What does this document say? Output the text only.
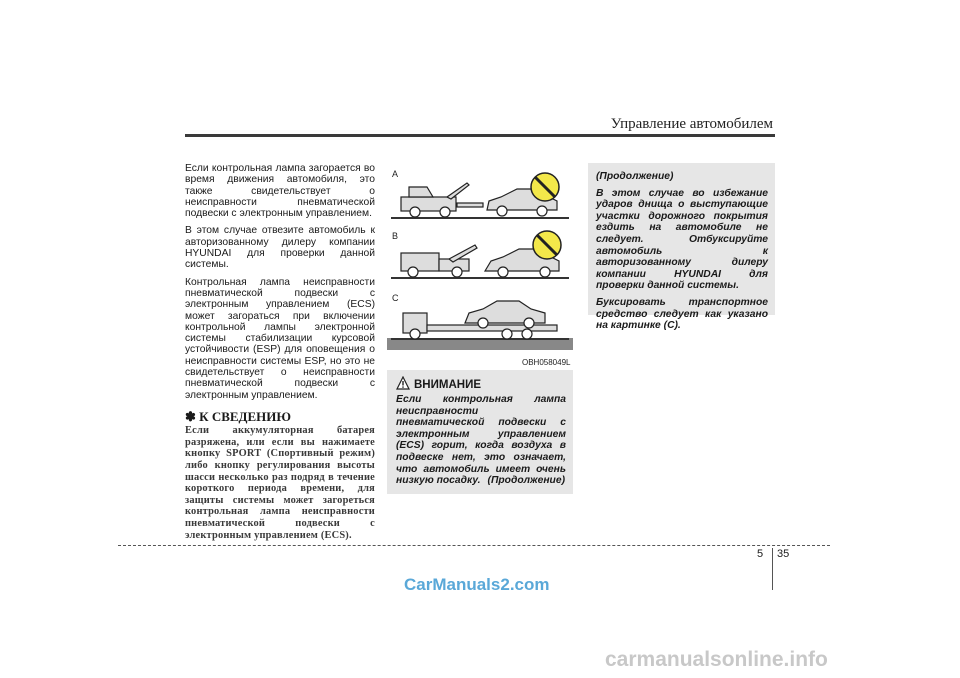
Управление автомобилем

Если контрольная лампа загорается во время движения автомобиля, это также свидетельствует о неисправности пневматической подвески с электронным управлением.

В этом случае отвезите автомобиль к авторизованному дилеру компании HYUNDAI для проверки данной системы.

Контрольная лампа неисправности пневматической подвески с электронным управлением (ECS) может загораться при включении контрольной лампы электронной системы стабилизации курсовой устойчивости (ESP) для оповещения о неисправности системы ESP, но это не свидетельствует о неисправности пневматической подвески с электронным управлением.

✽ К СВЕДЕНИЮ

Если аккумуляторная батарея разряжена, или если вы нажимаете кнопку SPORT (Спортивный режим) либо кнопку регулирования высоты шасси несколько раз подряд в течение короткого периода времени, для защиты системы может загореться контрольная лампа неисправности пневматической подвески с электронным управлением (ECS).

A
B
C
OBH058049L
ВНИМАНИЕ
Если контрольная лампа неисправности пневматической подвески с электронным управлением (ECS) горит, когда воздуха в подвеске нет, это означает, что автомобиль имеет очень низкую посадку. (Продолжение)

(Продолжение)

В этом случае во избежание ударов днища о выступающие участки дорожного покрытия ездить на автомобиле не следует. Отбуксируйте автомобиль к авторизованному дилеру компании HYUNDAI для проверки данной системы.

Буксировать транспортное средство следует как указано на картинке (C).

5 35
CarManuals2.com
carmanualsonline.info
